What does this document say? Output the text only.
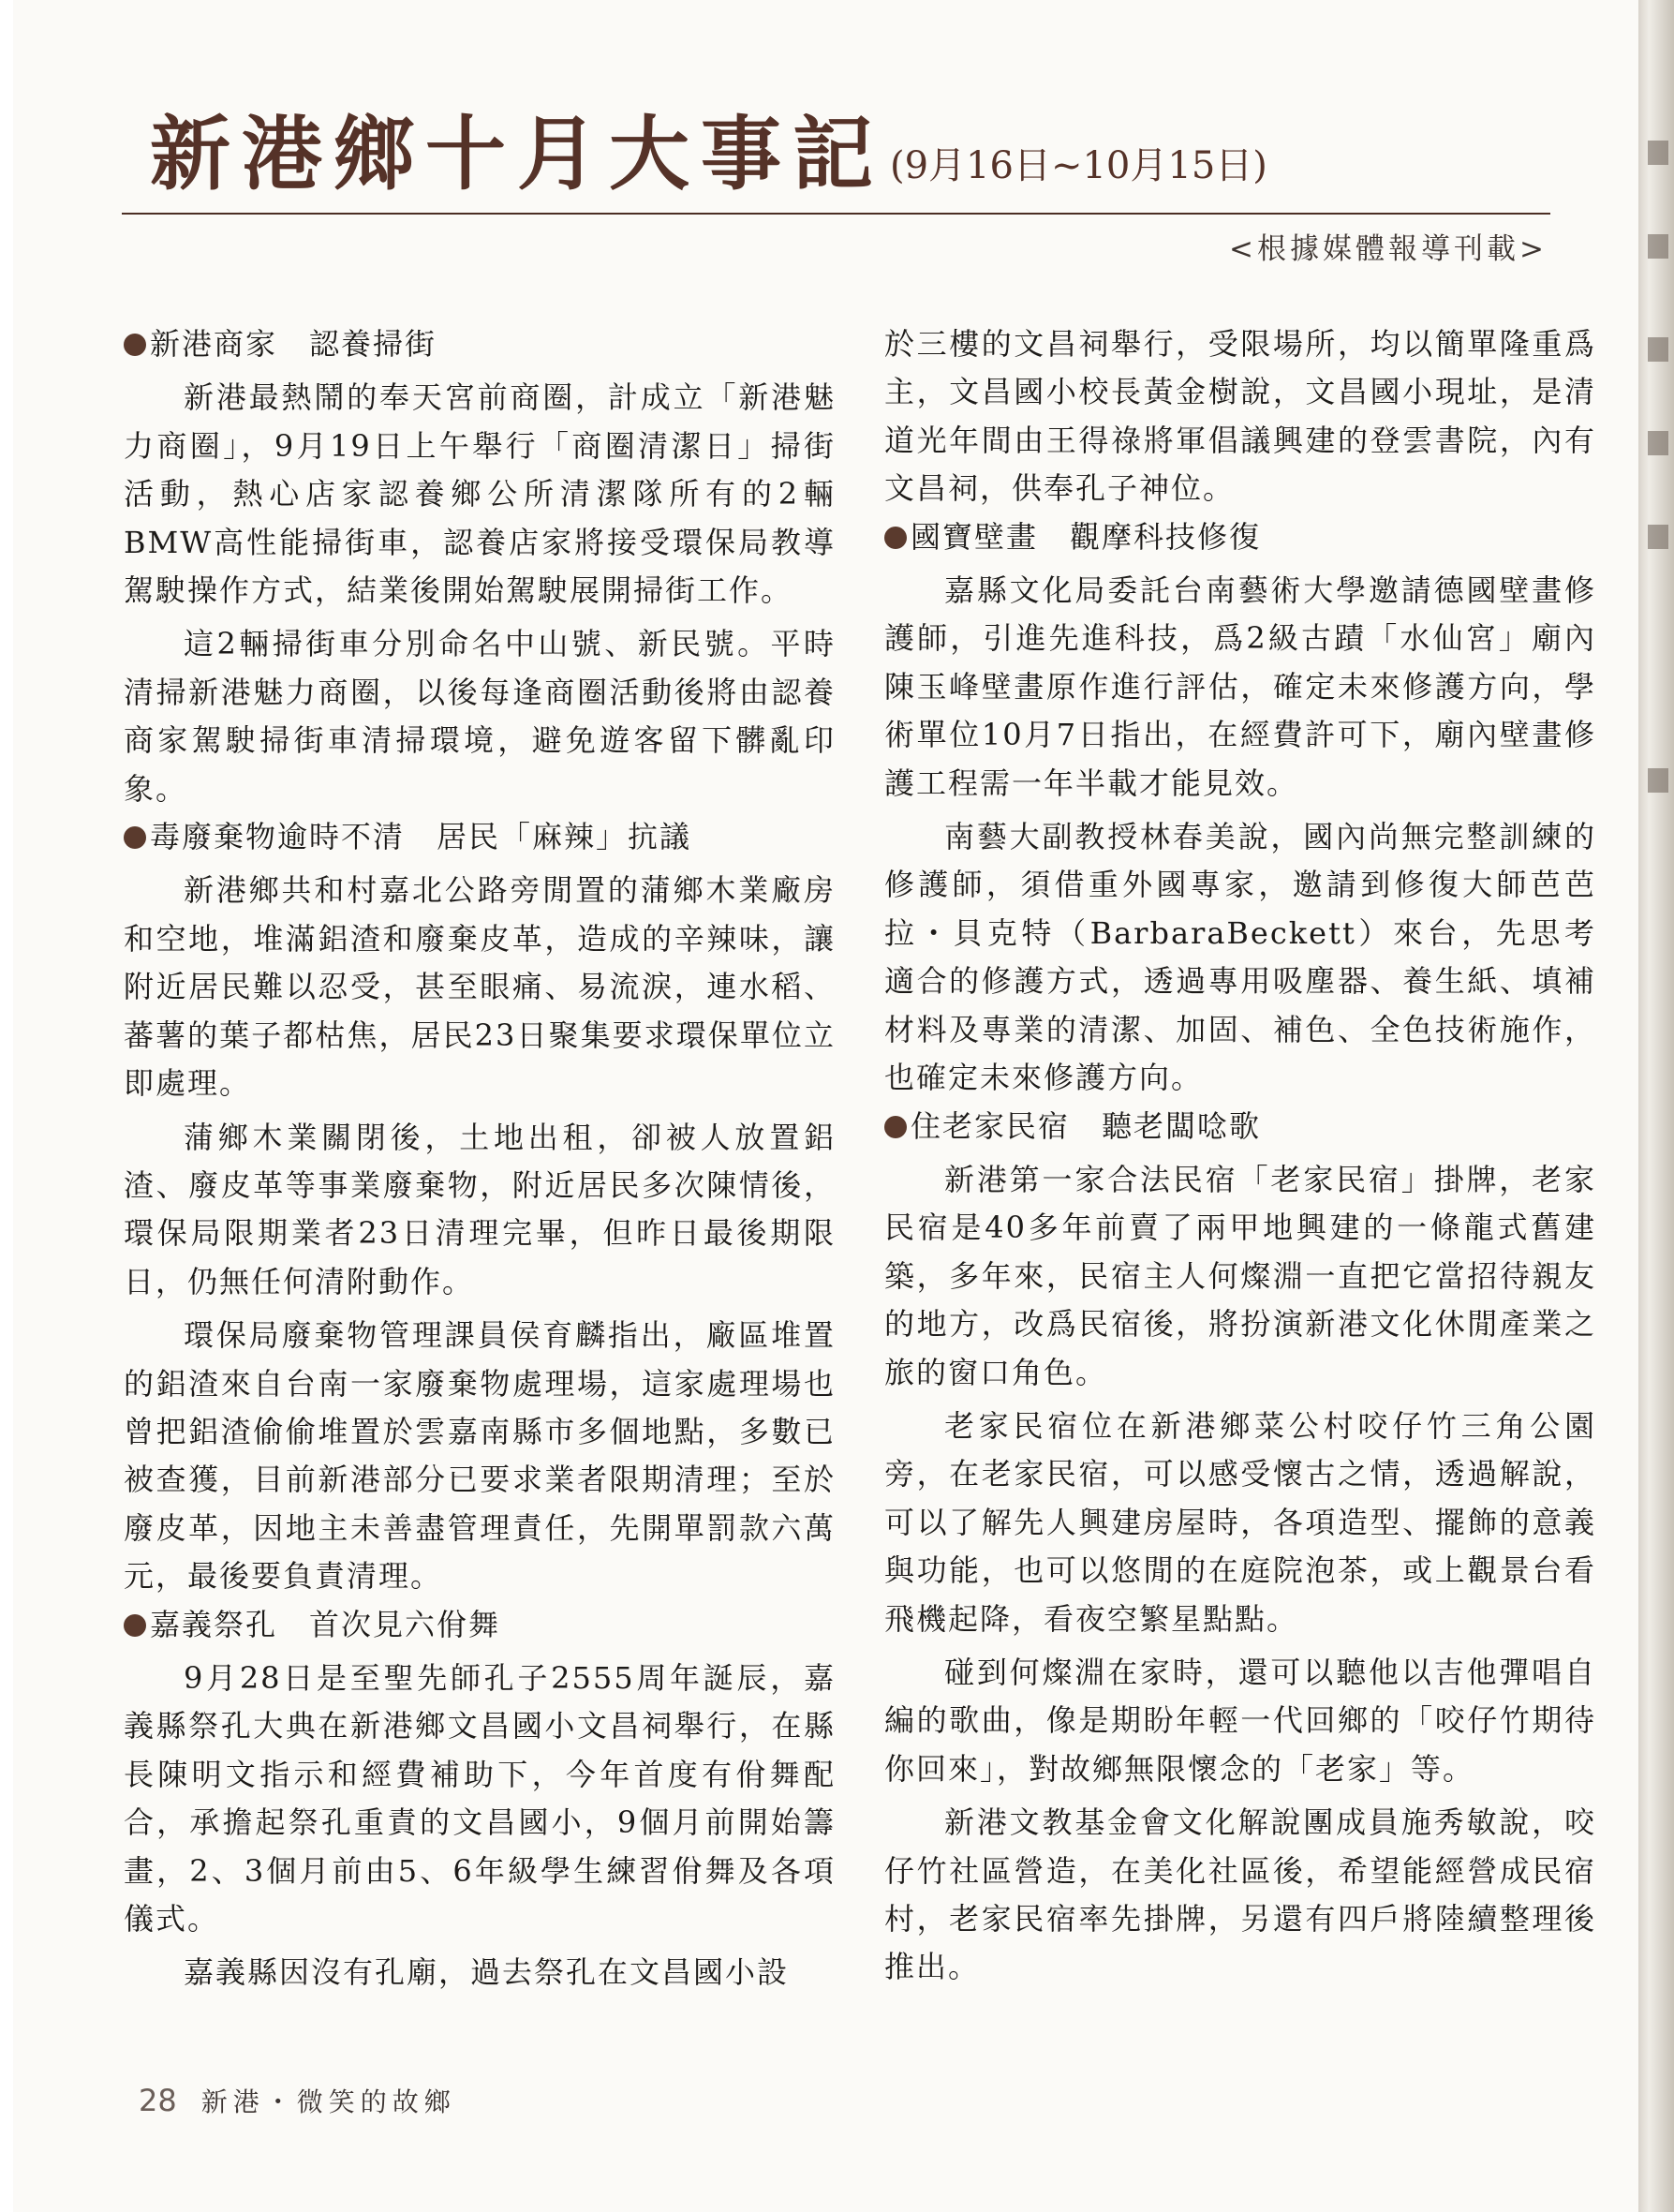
新港鄉十月大事記 (9月16日~10月15日)
<根據媒體報導刊載>

新港商家　認養掃街

新港最熱鬧的奉天宮前商圈，計成立「新港魅力商圈」，9月19日上午舉行「商圈清潔日」掃街活動，熱心店家認養鄉公所清潔隊所有的2輛BMW高性能掃街車，認養店家將接受環保局教導駕駛操作方式，結業後開始駕駛展開掃街工作。

這2輛掃街車分別命名中山號、新民號。平時清掃新港魅力商圈，以後每逢商圈活動後將由認養商家駕駛掃街車清掃環境，避免遊客留下髒亂印象。

毒廢棄物逾時不清　居民「麻辣」抗議

新港鄉共和村嘉北公路旁閒置的蒲鄉木業廠房和空地，堆滿鋁渣和廢棄皮革，造成的辛辣味，讓附近居民難以忍受，甚至眼痛、易流淚，連水稻、蕃薯的葉子都枯焦，居民23日聚集要求環保單位立即處理。

蒲鄉木業關閉後，土地出租，卻被人放置鋁渣、廢皮革等事業廢棄物，附近居民多次陳情後，環保局限期業者23日清理完畢，但昨日最後期限日，仍無任何清附動作。

環保局廢棄物管理課員侯育麟指出，廠區堆置的鋁渣來自台南一家廢棄物處理場，這家處理場也曾把鋁渣偷偷堆置於雲嘉南縣市多個地點，多數已被查獲，目前新港部分已要求業者限期清理；至於廢皮革，因地主未善盡管理責任，先開單罰款六萬元，最後要負責清理。

嘉義祭孔　首次見六佾舞

9月28日是至聖先師孔子2555周年誕辰，嘉義縣祭孔大典在新港鄉文昌國小文昌祠舉行，在縣長陳明文指示和經費補助下，今年首度有佾舞配合，承擔起祭孔重責的文昌國小，9個月前開始籌畫，2、3個月前由5、6年級學生練習佾舞及各項儀式。

嘉義縣因沒有孔廟，過去祭孔在文昌國小設

於三樓的文昌祠舉行，受限場所，均以簡單隆重爲主，文昌國小校長黃金樹說，文昌國小現址，是清道光年間由王得祿將軍倡議興建的登雲書院，內有文昌祠，供奉孔子神位。

國寶壁畫　觀摩科技修復

嘉縣文化局委託台南藝術大學邀請德國壁畫修護師，引進先進科技，爲2級古蹟「水仙宮」廟內陳玉峰壁畫原作進行評估，確定未來修護方向，學術單位10月7日指出，在經費許可下，廟內壁畫修護工程需一年半載才能見效。

南藝大副教授林春美說，國內尚無完整訓練的修護師，須借重外國專家，邀請到修復大師芭芭拉・貝克特（BarbaraBeckett）來台，先思考適合的修護方式，透過專用吸塵器、養生紙、填補材料及專業的清潔、加固、補色、全色技術施作，也確定未來修護方向。

住老家民宿　聽老闆唸歌

新港第一家合法民宿「老家民宿」掛牌，老家民宿是40多年前賣了兩甲地興建的一條龍式舊建築，多年來，民宿主人何燦淵一直把它當招待親友的地方，改爲民宿後，將扮演新港文化休閒產業之旅的窗口角色。

老家民宿位在新港鄉菜公村咬仔竹三角公園旁，在老家民宿，可以感受懷古之情，透過解說，可以了解先人興建房屋時，各項造型、擺飾的意義與功能，也可以悠閒的在庭院泡茶，或上觀景台看飛機起降，看夜空繁星點點。

碰到何燦淵在家時，還可以聽他以吉他彈唱自編的歌曲，像是期盼年輕一代回鄉的「咬仔竹期待你回來」，對故鄉無限懷念的「老家」等。

新港文教基金會文化解說團成員施秀敏說，咬仔竹社區營造，在美化社區後，希望能經營成民宿村，老家民宿率先掛牌，另還有四戶將陸續整理後推出。

28 新港・微笑的故鄉
